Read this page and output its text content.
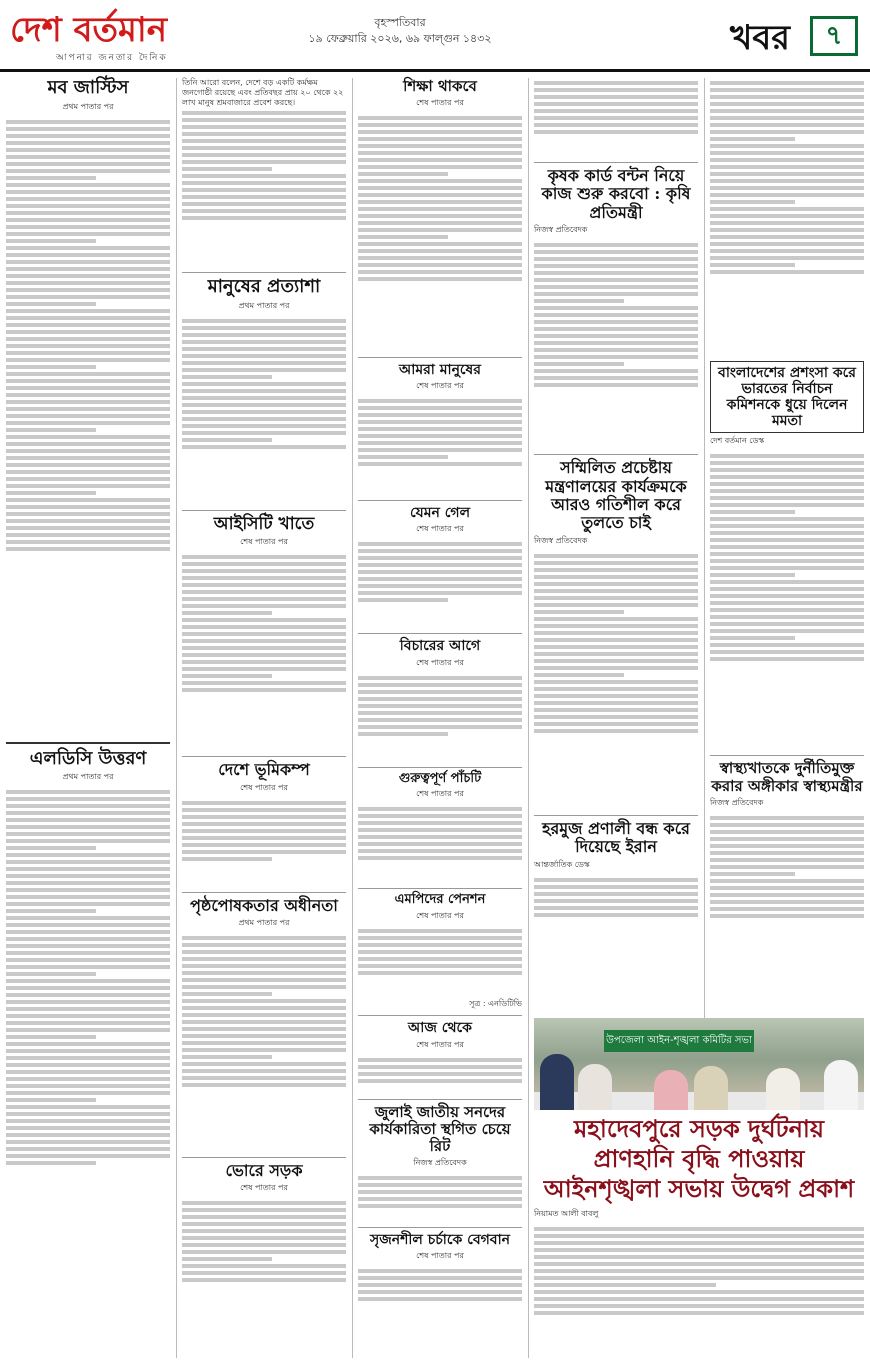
দেশ বর্তমান
আপনার জনতার দৈনিক
বৃহস্পতিবার
১৯ ফেব্রুয়ারি ২০২৬, ৬৯ ফাল্গুন ১৪৩২	খবর	৭
মব জাস্টিস
প্রথম পাতার পর
এলডিসি উত্তরণ
প্রথম পাতার পর
তিনি আরো বলেন, দেশে বড় একটি কর্মক্ষম জনগোষ্ঠী রয়েছে এবং প্রতিবছর প্রায় ২০ থেকে ২২ লাখ মানুষ শ্রমবাজারে প্রবেশ করছে।
মানুষের প্রত্যাশা
প্রথম পাতার পর
আইসিটি খাতে
শেষ পাতার পর
দেশে ভূমিকম্প
শেষ পাতার পর
পৃষ্ঠপোষকতার অধীনতা
প্রথম পাতার পর
ভোরে সড়ক
শেষ পাতার পর
শিক্ষা থাকবে
শেষ পাতার পর
আমরা মানুষের
শেষ পাতার পর
যেমন গেল
শেষ পাতার পর
বিচারের আগে
শেষ পাতার পর
গুরুত্বপূর্ণ পাঁচটি
শেষ পাতার পর
এমপিদের পেনশন
শেষ পাতার পর
সূত্র : এনডিটিভি
আজ থেকে
শেষ পাতার পর
জুলাই জাতীয় সনদের কার্যকারিতা স্থগিত চেয়ে রিট
নিজস্ব প্রতিবেদক
সৃজনশীল চর্চাকে বেগবান
শেষ পাতার পর
কৃষক কার্ড বন্টন নিয়ে কাজ শুরু করবো : কৃষি প্রতিমন্ত্রী
নিজস্ব প্রতিবেদক
সম্মিলিত প্রচেষ্টায় মন্ত্রণালয়ের কার্যক্রমকে আরও গতিশীল করে তুলতে চাই
নিজস্ব প্রতিবেদক
হরমুজ প্রণালী বন্ধ করে দিয়েছে ইরান
আন্তর্জাতিক ডেস্ক
বাংলাদেশের প্রশংসা করে ভারতের নির্বাচন কমিশনকে ধুয়ে দিলেন মমতা
দেশ বর্তমান ডেস্ক
স্বাস্থ্যখাতকে দুর্নীতিমুক্ত করার অঙ্গীকার স্বাস্থ্যমন্ত্রীর
নিজস্ব প্রতিবেদক
উপজেলা আইন-শৃঙ্খলা কমিটির সভা
মহাদেবপুরে সড়ক দুর্ঘটনায় প্রাণহানি বৃদ্ধি পাওয়ায় আইনশৃঙ্খলা সভায় উদ্বেগ প্রকাশ
নিয়ামত আলী বাবলু
